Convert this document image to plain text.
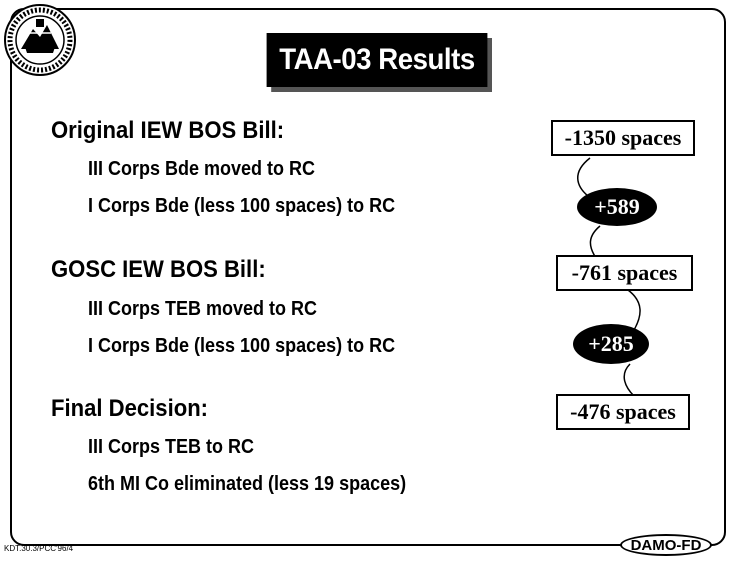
TAA-03 Results
Original IEW BOS Bill:
III Corps Bde moved to RC
I Corps Bde (less 100 spaces) to RC
GOSC IEW BOS Bill:
III Corps TEB moved to RC
I Corps Bde (less 100 spaces) to RC
Final Decision:
III Corps TEB to RC
6th MI Co eliminated (less 19 spaces)
-1350 spaces
-761 spaces
-476 spaces
+589
+285
KDT.30.3/PCC'96/4	DAMO-FD
